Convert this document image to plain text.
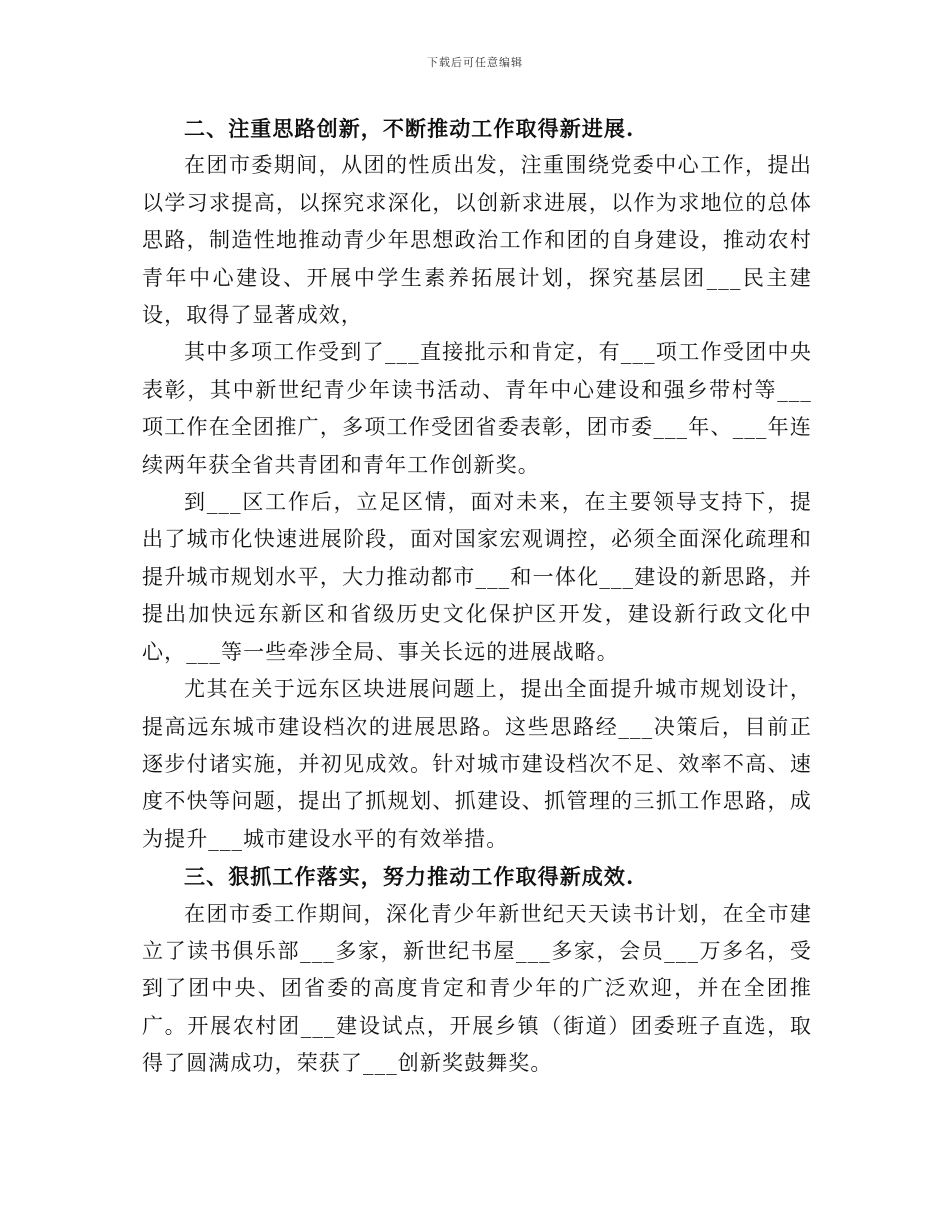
下载后可任意编辑

二、注重思路创新，不断推动工作取得新进展.

在团市委期间，从团的性质出发，注重围绕党委中心工作，提出以学习求提高，以探究求深化，以创新求进展，以作为求地位的总体思路，制造性地推动青少年思想政治工作和团的自身建设，推动农村青年中心建设、开展中学生素养拓展计划，探究基层团___民主建设，取得了显著成效，

其中多项工作受到了___直接批示和肯定，有___项工作受团中央表彰，其中新世纪青少年读书活动、青年中心建设和强乡带村等___项工作在全团推广，多项工作受团省委表彰，团市委___年、___年连续两年获全省共青团和青年工作创新奖。

到___区工作后，立足区情，面对未来，在主要领导支持下，提出了城市化快速进展阶段，面对国家宏观调控，必须全面深化疏理和提升城市规划水平，大力推动都市___和一体化___建设的新思路，并提出加快远东新区和省级历史文化保护区开发，建设新行政文化中心，___等一些牵涉全局、事关长远的进展战略。

尤其在关于远东区块进展问题上，提出全面提升城市规划设计，提高远东城市建设档次的进展思路。这些思路经___决策后，目前正逐步付诸实施，并初见成效。针对城市建设档次不足、效率不高、速度不快等问题，提出了抓规划、抓建设、抓管理的三抓工作思路，成为提升___城市建设水平的有效举措。

三、狠抓工作落实，努力推动工作取得新成效.

在团市委工作期间，深化青少年新世纪天天读书计划，在全市建立了读书俱乐部___多家，新世纪书屋___多家，会员___万多名，受到了团中央、团省委的高度肯定和青少年的广泛欢迎，并在全团推广。开展农村团___建设试点，开展乡镇（街道）团委班子直选，取得了圆满成功，荣获了___创新奖鼓舞奖。
